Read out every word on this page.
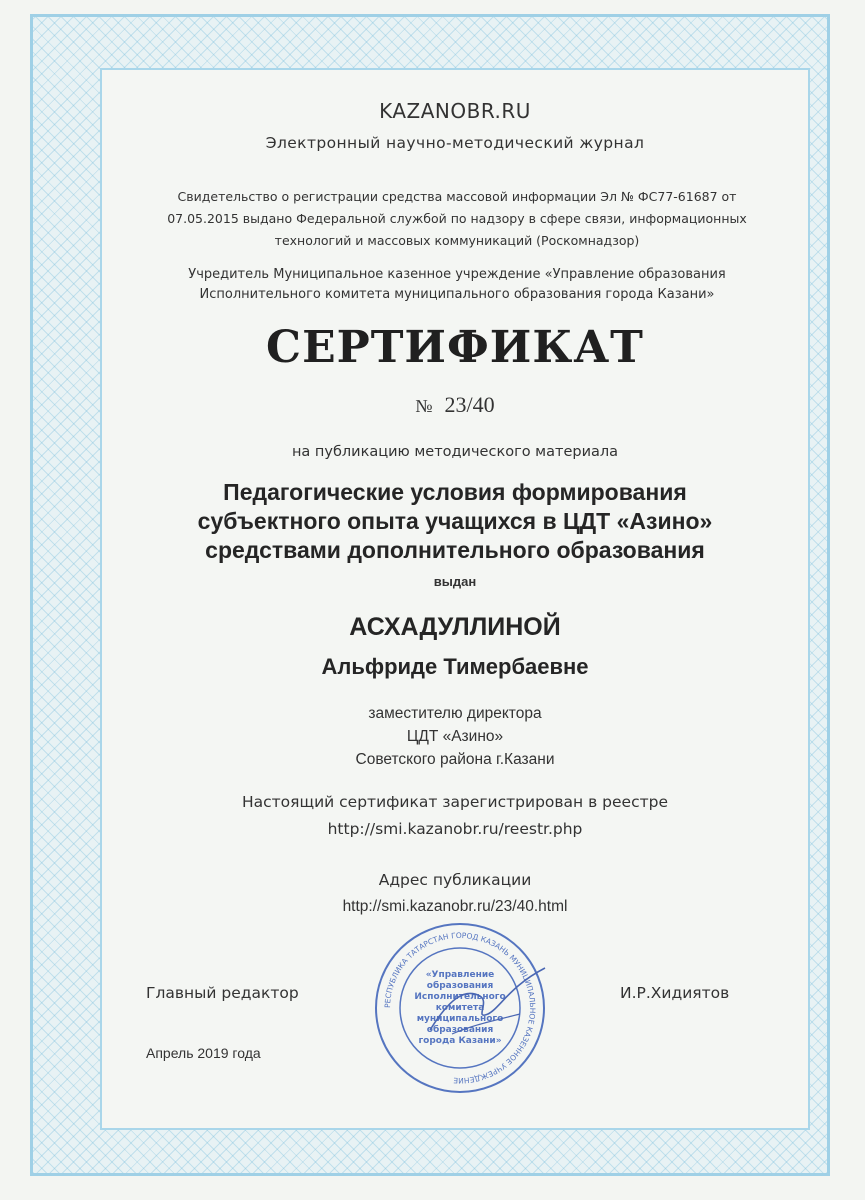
KAZANOBR.RU
Электронный научно-методический журнал
Свидетельство о регистрации средства массовой информации Эл № ФС77-61687 от
07.05.2015 выдано Федеральной службой по надзору в сфере связи, информационных
технологий и массовых коммуникаций (Роскомнадзор)
Учредитель Муниципальное казенное учреждение «Управление образования
Исполнительного комитета муниципального образования города Казани»
СЕРТИФИКАТ
№ 23/40
на публикацию методического материала
Педагогические условия формирования
субъектного опыта учащихся в ЦДТ «Азино»
средствами дополнительного образования
выдан
АСХАДУЛЛИНОЙ
Альфриде Тимербаевне
заместителю директора
ЦДТ «Азино»
Советского района г.Казани
Настоящий сертификат зарегистрирован в реестре
http://smi.kazanobr.ru/reestr.php
Адрес публикации
http://smi.kazanobr.ru/23/40.html
РЕСПУБЛИКА ТАТАРСТАН ГОРОД КАЗАНЬ МУНИЦИПАЛЬНОЕ КАЗЕННОЕ УЧРЕЖДЕНИЕ
«Управление образования Исполнительного комитета муниципального образования города Казани»
Главный редактор	И.Р.Хидиятов
Апрель 2019 года
